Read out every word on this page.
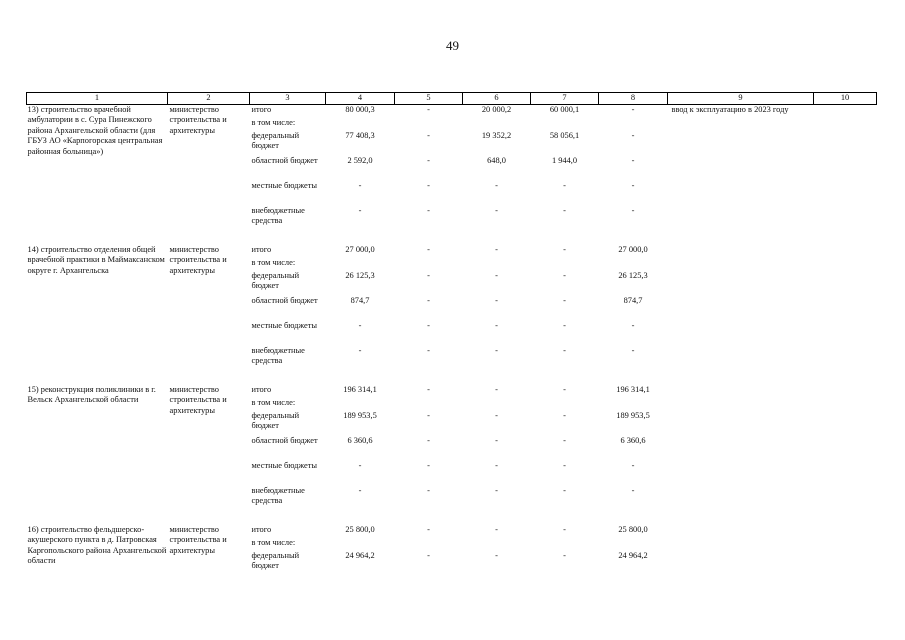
49
1	2	3	4	5	6	7	8	9	10
13) строительство врачебной амбулатории в с. Сура Пинежского района Архангельской области (для ГБУЗ АО «Карпогорская центральная районная больница»)	министерство строительства и архитектуры	итого	80 000,3	-	20 000,2	60 000,1	-	ввод к эксплуатацию в 2023 году	
		в том числе:							
		федеральный бюджет	77 408,3	-	19 352,2	58 056,1	-		
		областной бюджет	2 592,0	-	648,0	1 944,0	-		
		местные бюджеты	-	-	-	-	-		
		внебюджетные средства	-	-	-	-	-		

14) строительство отделения общей врачебной практики в Маймаксанском округе г. Архангельска	министерство строительства и архитектуры	итого	27 000,0	-	-	-	27 000,0		
		в том числе:							
		федеральный бюджет	26 125,3	-	-	-	26 125,3		
		областной бюджет	874,7	-	-	-	874,7		
		местные бюджеты	-	-	-	-	-		
		внебюджетные средства	-	-	-	-	-		

15) реконструкция поликлиники в г. Вельск Архангельской области	министерство строительства и архитектуры	итого	196 314,1	-	-	-	196 314,1		
		в том числе:							
		федеральный бюджет	189 953,5	-	-	-	189 953,5		
		областной бюджет	6 360,6	-	-	-	6 360,6		
		местные бюджеты	-	-	-	-	-		
		внебюджетные средства	-	-	-	-	-		

16) строительство фельдшерско-акушерского пункта в д. Патровская Каргопольского района Архангельской области	министерство строительства и архитектуры	итого	25 800,0	-	-	-	25 800,0		
		в том числе:							
		федеральный бюджет	24 964,2	-	-	-	24 964,2		
